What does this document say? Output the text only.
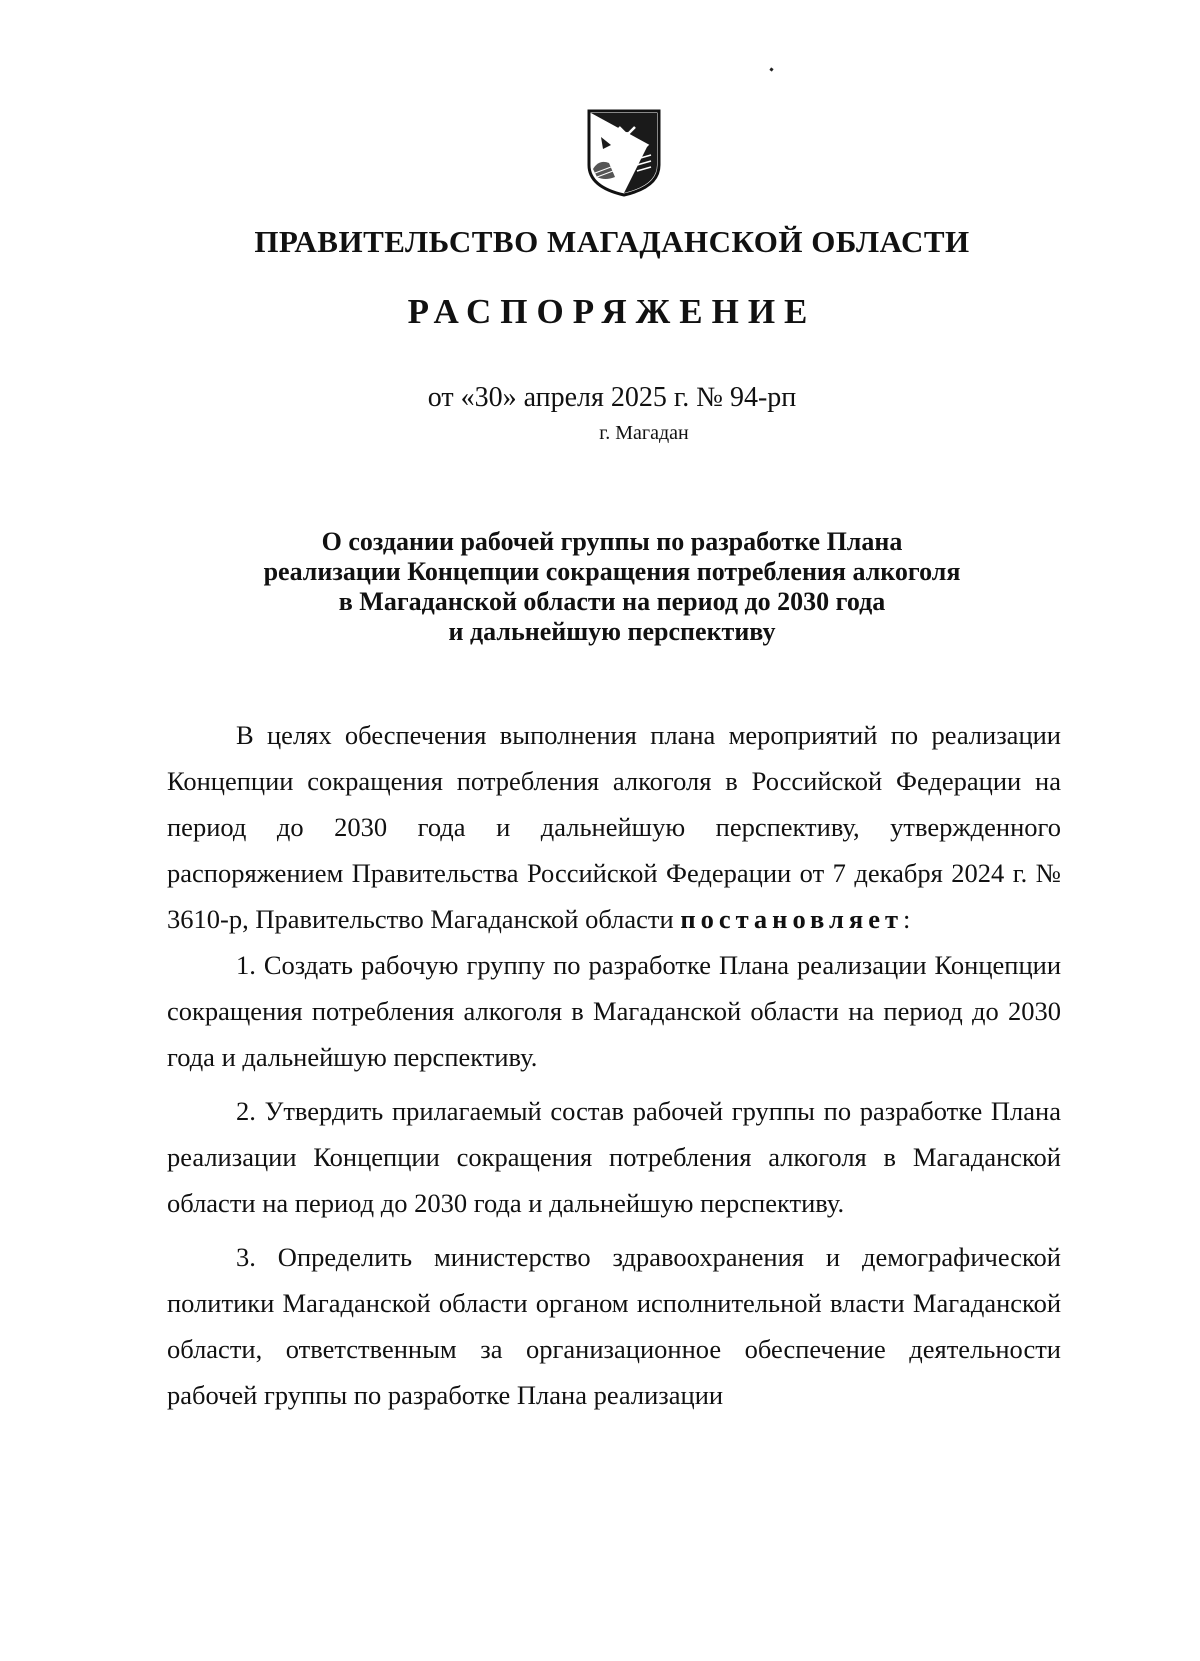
ПРАВИТЕЛЬСТВО МАГАДАНСКОЙ ОБЛАСТИ
РАСПОРЯЖЕНИЕ
от «30» апреля 2025 г. № 94-рп
г. Магадан
О создании рабочей группы по разработке Плана
реализации Концепции сокращения потребления алкоголя
в Магаданской области на период до 2030 года
и дальнейшую перспективу

В целях обеспечения выполнения плана мероприятий по реализации Концепции сокращения потребления алкоголя в Российской Федерации на период до 2030 года и дальнейшую перспективу, утвержденного распоряжением Правительства Российской Федерации от 7 декабря 2024 г. № 3610-р, Правительство Магаданской области постановляет:

1. Создать рабочую группу по разработке Плана реализации Концепции сокращения потребления алкоголя в Магаданской области на период до 2030 года и дальнейшую перспективу.

2. Утвердить прилагаемый состав рабочей группы по разработке Плана реализации Концепции сокращения потребления алкоголя в Магаданской области на период до 2030 года и дальнейшую перспективу.

3. Определить министерство здравоохранения и демографической политики Магаданской области органом исполнительной власти Магаданской области, ответственным за организационное обеспечение деятельности рабочей группы по разработке Плана реализации
